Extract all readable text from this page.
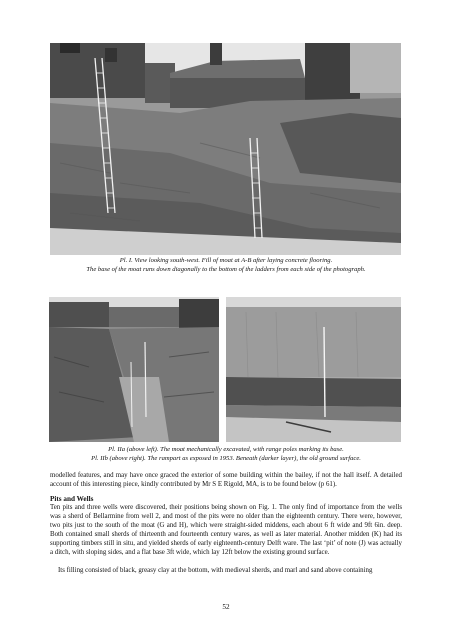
Pl. I. View looking south-west. Fill of moat at A-B after laying concrete flooring.
The base of the moat runs down diagonally to the bottom of the ladders from each side of the photograph.
Pl. IIa (above left). The moat mechanically excavated, with range poles marking its base.
Pl. IIb (above right). The rampart as exposed in 1953. Beneath (darker layer), the old ground surface.
modelled features, and may have once graced the exterior of some building within the bailey, if not the hall itself. A detailed account of this interesting piece, kindly contributed by Mr S E Rigold, MA, is to be found below (p 61).
Pits and Wells
Ten pits and three wells were discovered, their positions being shown on Fig. 1. The only find of importance from the wells was a sherd of Bellarmine from well 2, and most of the pits were no older than the eighteenth century. There were, however, two pits just to the south of the moat (G and H), which were straight-sided middens, each about 6 ft wide and 9ft 6in. deep. Both contained small sherds of thirteenth and fourteenth century wares, as well as later material. Another midden (K) had its supporting timbers still in situ, and yielded sherds of early eighteenth-century Delft ware. The last ‘pit’ of note (J) was actually a ditch, with sloping sides, and a flat base 3ft wide, which lay 12ft below the existing ground surface.
Its filling consisted of black, greasy clay at the bottom, with medieval sherds, and marl and sand above containing
52
